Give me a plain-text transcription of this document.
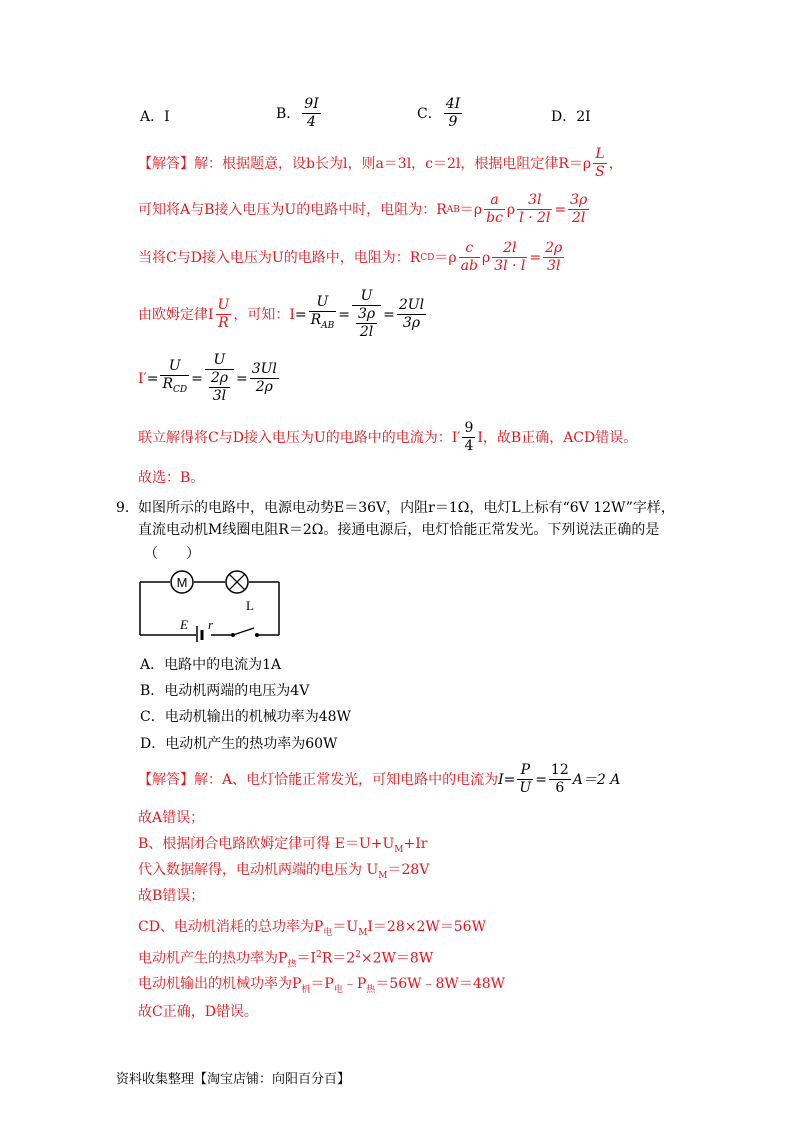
A．I	B． $\frac{9I}{4}$	C． $\frac{4I}{9}$	D．2I
【解答】 解：根据题意，设b长为l，则a＝3l，c＝2l，根据电阻定律$R=\rho \frac{L}{S}$ ，
可知将A与B接入电压为U的电路中时，电阻为：R AB $=\rho \frac{a}{bc}$ ρ $\frac{3l}{l \cdot 2l} = \frac{3\rho}{2l}$
当将C与D接入电压为U的电路中，电阻为：R CD $=\rho \frac{c}{ab}$ ρ $\frac{2l}{3l \cdot l} = \frac{2\rho}{3l}$
由欧姆定律I $\frac{U}{R}$ ，可知：$I = \frac{U}{R_{AB}} = \frac{U}{\frac{3\rho}{2l}} = \frac{2Ul}{3\rho}$
$I' = \frac{U}{R_{CD}} = \frac{U}{\frac{2\rho}{3l}} = \frac{3Ul}{2\rho}$
联立解得将C与D接入电压为U的电路中的电流为：$I' \frac{9}{4}$ I，故B正确，ACD错误。
故选：B。
9． 如图所示的电路中，电源电动势E＝36V，内阻r＝1Ω，电灯L上标有“6V 12W”字样，
直流电动机M线圈电阻R＝2Ω。接通电源后，电灯恰能正常发光。下列说法正确的是
（　　）
M
L
E r
A．电路中的电流为1A
B．电动机两端的电压为4V
C．电动机输出的机械功率为48W
D．电动机产生的热功率为60W
【解答】 解：A、电灯恰能正常发光，可知电路中的电流为 $I = \frac{P}{U} = \frac{12}{6} A=2$ A
故A错误；
B、根据闭合电路欧姆定律可得 $E=U+U_M+Ir$
代入数据解得，电动机两端的电压为 $U_M=28V$
故B错误；
CD、电动机消耗的总功率为$P_电=U_MI=28\times 2W=56W$
电动机产生的热功率为$P_热=I^2R=2^2\times 2W=8W$
电动机输出的机械功率为$P_机=P_电﹣P_热=56W﹣8W=48W$
故C正确，D错误。
资料收集整理【淘宝店铺：向阳百分百】
